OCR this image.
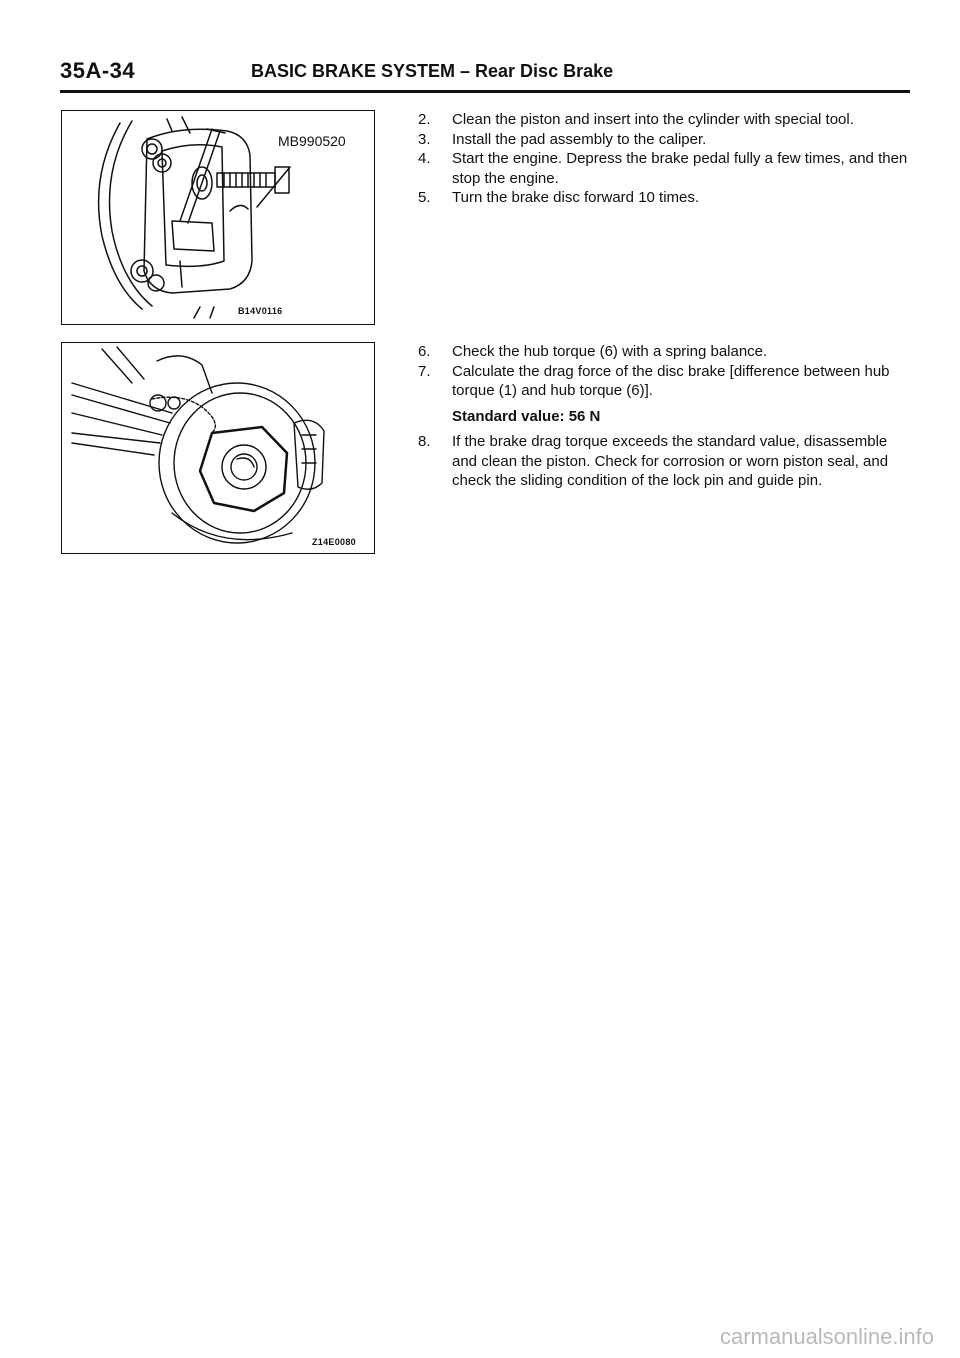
35A-34	BASIC BRAKE SYSTEM – Rear Disc Brake
MB990520
B14V0116
Z14E0080
2. Clean the piston and insert into the cylinder with special tool.
3. Install the pad assembly to the caliper.
4. Start the engine. Depress the brake pedal fully a few times, and then stop the engine.
5. Turn the brake disc forward 10 times.
6. Check the hub torque (6) with a spring balance.
7. Calculate the drag force of the disc brake [difference between hub torque (1) and hub torque (6)].
Standard value: 56 N
8. If the brake drag torque exceeds the standard value, disassemble and clean the piston. Check for corrosion or worn piston seal, and check the sliding condition of the lock pin and guide pin.
carmanualsonline.info
